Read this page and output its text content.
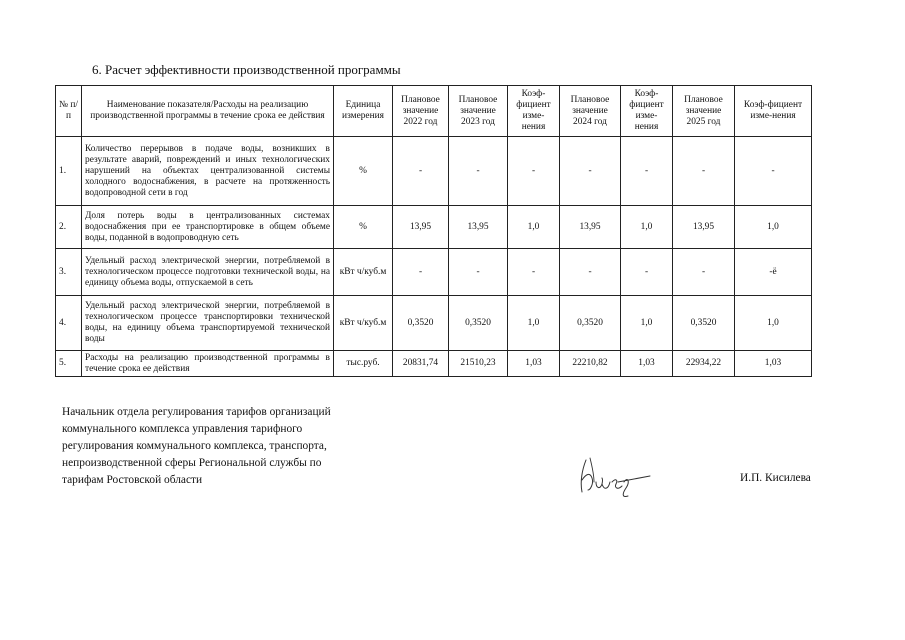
6. Расчет эффективности производственной программы
№ п/п	Наименование показателя/Расходы на реализацию производственной программы в течение срока ее действия	Единица измерения	Плановое значение 2022 год	Плановое значение 2023 год	Коэф-фициент изме-нения	Плановое значение 2024 год	Коэф-фициент изме-нения	Плановое значение 2025 год	Коэф-фициент изме-нения
1.	Количество перерывов в подаче воды, возникших в результате аварий, повреждений и иных технологических нарушений на объектах централизованной системы холодного водоснабжения, в расчете на протяженность водопроводной сети в год	%	-	-	-	-	-	-	-
2.	Доля потерь воды в централизованных системах водоснабжения при ее транспортировке в общем объеме воды, поданной в водопроводную сеть	%	13,95	13,95	1,0	13,95	1,0	13,95	1,0
3.	Удельный расход электрической энергии, потребляемой в технологическом процессе подготовки технической воды, на единицу объема воды, отпускаемой в сеть	кВт ч/куб.м	-	-	-	-	-	-	-ё
4.	Удельный расход электрической энергии, потребляемой в технологическом процессе транспортировки технической воды, на единицу объема транспортируемой технической воды	кВт ч/куб.м	0,3520	0,3520	1,0	0,3520	1,0	0,3520	1,0
5.	Расходы на реализацию производственной программы в течение срока ее действия	тыс.руб.	20831,74	21510,23	1,03	22210,82	1,03	22934,22	1,03
Начальник отдела регулирования тарифов организаций
коммунального комплекса управления тарифного
регулирования коммунального комплекса, транспорта,
непроизводственной сферы Региональной службы по
тарифам Ростовской области	И.П. Кисилева
